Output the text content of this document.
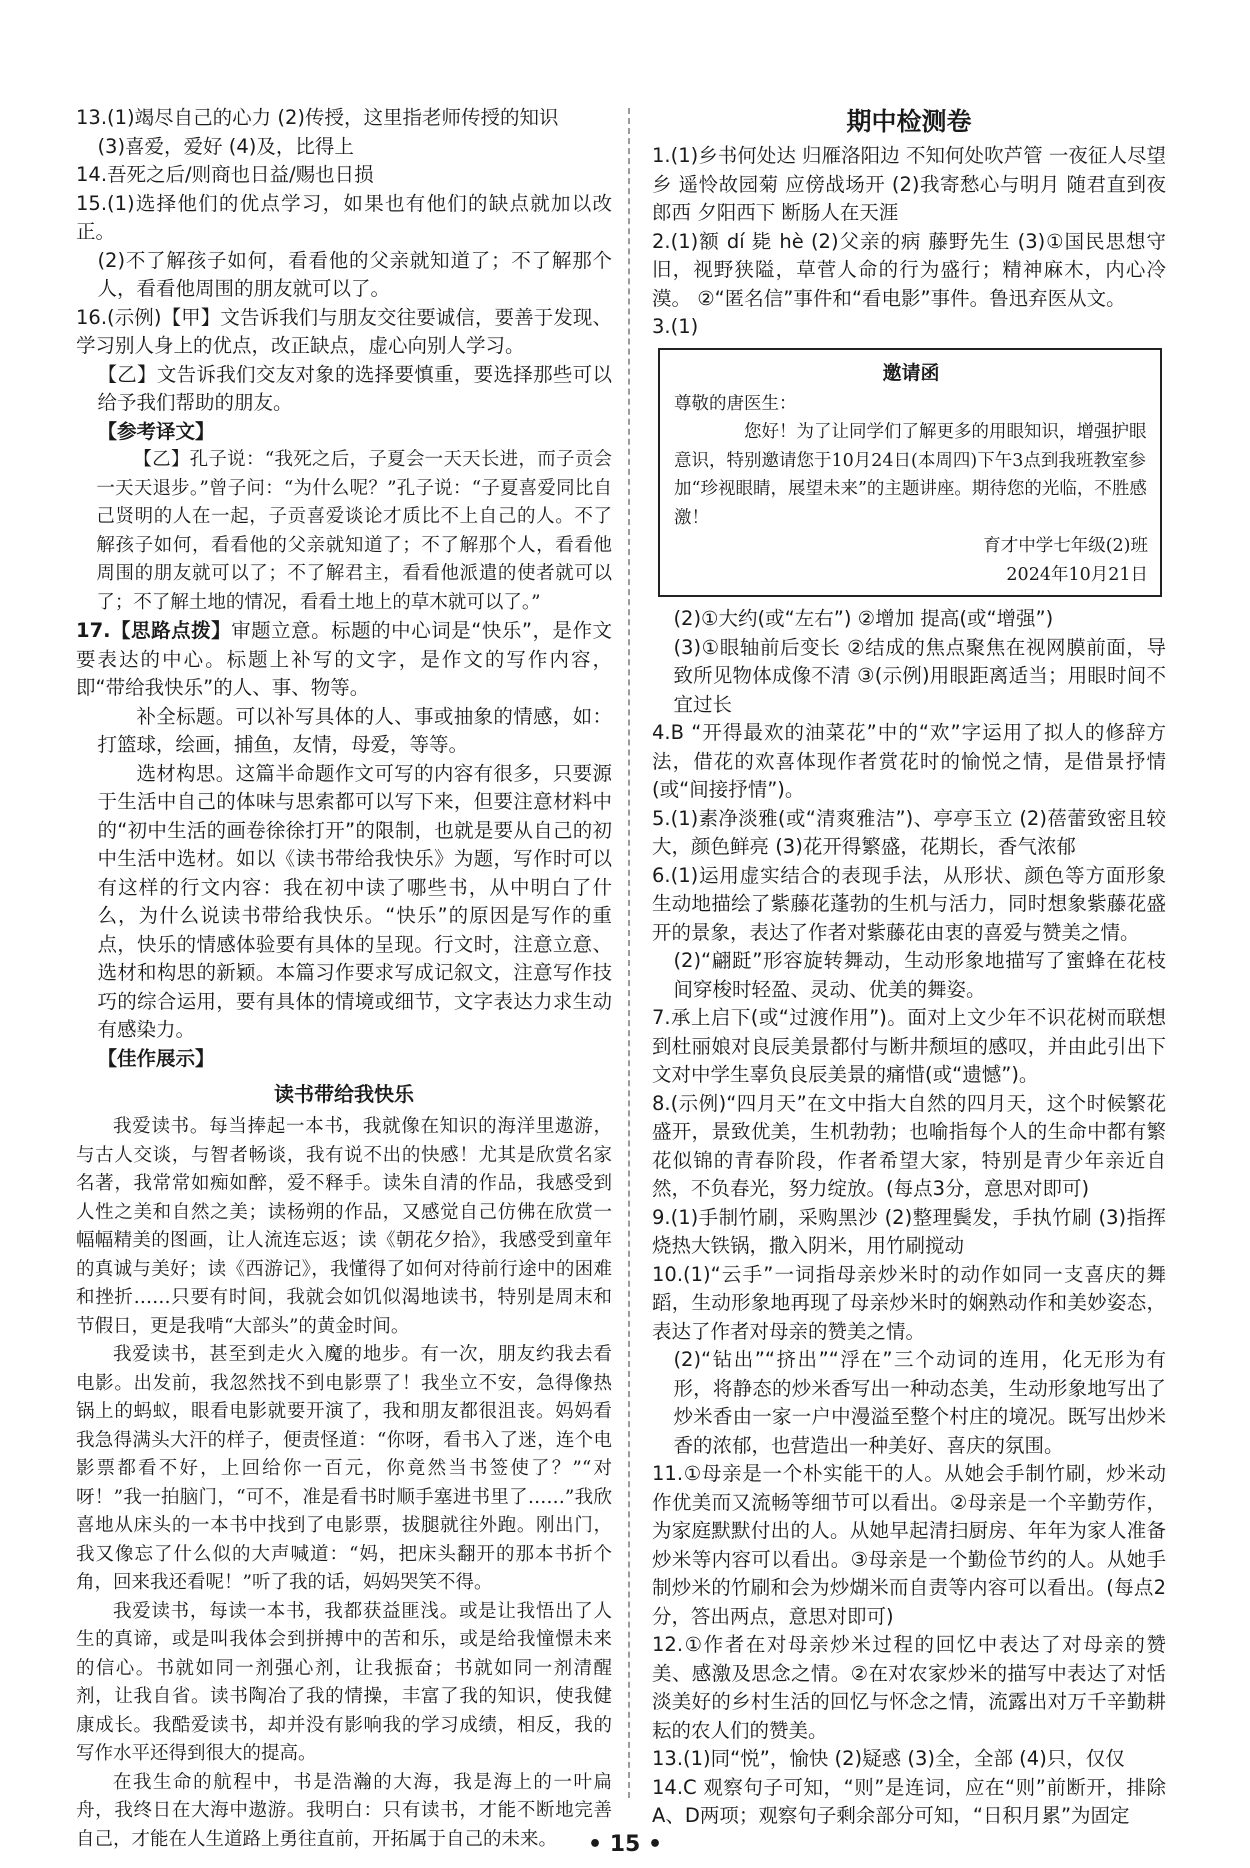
13.(1)竭尽自己的心力 (2)传授，这里指老师传授的知识

(3)喜爱，爱好 (4)及，比得上

14.吾死之后/则商也日益/赐也日损

15.(1)选择他们的优点学习，如果也有他们的缺点就加以改正。

(2)不了解孩子如何，看看他的父亲就知道了；不了解那个人，看看他周围的朋友就可以了。

16.(示例)【甲】文告诉我们与朋友交往要诚信，要善于发现、学习别人身上的优点，改正缺点，虚心向别人学习。

【乙】文告诉我们交友对象的选择要慎重，要选择那些可以给予我们帮助的朋友。

【参考译文】

【乙】孔子说：“我死之后，子夏会一天天长进，而子贡会一天天退步。”曾子问：“为什么呢？”孔子说：“子夏喜爱同比自己贤明的人在一起，子贡喜爱谈论才质比不上自己的人。不了解孩子如何，看看他的父亲就知道了；不了解那个人，看看他周围的朋友就可以了；不了解君主，看看他派遣的使者就可以了；不了解土地的情况，看看土地上的草木就可以了。”

17.【思路点拨】审题立意。标题的中心词是“快乐”，是作文要表达的中心。标题上补写的文字，是作文的写作内容，即“带给我快乐”的人、事、物等。

补全标题。可以补写具体的人、事或抽象的情感，如：打篮球，绘画，捕鱼，友情，母爱，等等。

选材构思。这篇半命题作文可写的内容有很多，只要源于生活中自己的体味与思索都可以写下来，但要注意材料中的“初中生活的画卷徐徐打开”的限制，也就是要从自己的初中生活中选材。如以《读书带给我快乐》为题，写作时可以有这样的行文内容：我在初中读了哪些书，从中明白了什么，为什么说读书带给我快乐。“快乐”的原因是写作的重点，快乐的情感体验要有具体的呈现。行文时，注意立意、选材和构思的新颖。本篇习作要求写成记叙文，注意写作技巧的综合运用，要有具体的情境或细节，文字表达力求生动有感染力。

【佳作展示】

读书带给我快乐

我爱读书。每当捧起一本书，我就像在知识的海洋里遨游，与古人交谈，与智者畅谈，我有说不出的快感！尤其是欣赏名家名著，我常常如痴如醉，爱不释手。读朱自清的作品，我感受到人性之美和自然之美；读杨朔的作品，又感觉自己仿佛在欣赏一幅幅精美的图画，让人流连忘返；读《朝花夕拾》，我感受到童年的真诚与美好；读《西游记》，我懂得了如何对待前行途中的困难和挫折……只要有时间，我就会如饥似渴地读书，特别是周末和节假日，更是我啃“大部头”的黄金时间。

我爱读书，甚至到走火入魔的地步。有一次，朋友约我去看电影。出发前，我忽然找不到电影票了！我坐立不安，急得像热锅上的蚂蚁，眼看电影就要开演了，我和朋友都很沮丧。妈妈看我急得满头大汗的样子，便责怪道：“你呀，看书入了迷，连个电影票都看不好，上回给你一百元，你竟然当书签使了？”“对呀！”我一拍脑门，“可不，准是看书时顺手塞进书里了……”我欣喜地从床头的一本书中找到了电影票，拔腿就往外跑。刚出门，我又像忘了什么似的大声喊道：“妈，把床头翻开的那本书折个角，回来我还看呢！”听了我的话，妈妈哭笑不得。

我爱读书，每读一本书，我都获益匪浅。或是让我悟出了人生的真谛，或是叫我体会到拼搏中的苦和乐，或是给我憧憬未来的信心。书就如同一剂强心剂，让我振奋；书就如同一剂清醒剂，让我自省。读书陶冶了我的情操，丰富了我的知识，使我健康成长。我酷爱读书，却并没有影响我的学习成绩，相反，我的写作水平还得到很大的提高。

在我生命的航程中，书是浩瀚的大海，我是海上的一叶扁舟，我终日在大海中遨游。我明白：只有读书，才能不断地完善自己，才能在人生道路上勇往直前，开拓属于自己的未来。

期中检测卷

1.(1)乡书何处达 归雁洛阳边 不知何处吹芦管 一夜征人尽望乡 遥怜故园菊 应傍战场开 (2)我寄愁心与明月 随君直到夜郎西 夕阳西下 断肠人在天涯

2.(1)额 dí 毙 hè (2)父亲的病 藤野先生 (3)①国民思想守旧，视野狭隘，草菅人命的行为盛行；精神麻木，内心冷漠。 ②“匿名信”事件和“看电影”事件。鲁迅弃医从文。

3.(1)

邀请函

尊敬的唐医生：

您好！为了让同学们了解更多的用眼知识，增强护眼意识，特别邀请您于10月24日(本周四)下午3点到我班教室参加“珍视眼睛，展望未来”的主题讲座。期待您的光临，不胜感激！

育才中学七年级(2)班

2024年10月21日

(2)①大约(或“左右”) ②增加 提高(或“增强”)

(3)①眼轴前后变长 ②结成的焦点聚焦在视网膜前面，导致所见物体成像不清 ③(示例)用眼距离适当；用眼时间不宜过长

4.B “开得最欢的油菜花”中的“欢”字运用了拟人的修辞方法，借花的欢喜体现作者赏花时的愉悦之情，是借景抒情(或“间接抒情”)。

5.(1)素净淡雅(或“清爽雅洁”)、亭亭玉立 (2)蓓蕾致密且较大，颜色鲜亮 (3)花开得繁盛，花期长，香气浓郁

6.(1)运用虚实结合的表现手法，从形状、颜色等方面形象生动地描绘了紫藤花蓬勃的生机与活力，同时想象紫藤花盛开的景象，表达了作者对紫藤花由衷的喜爱与赞美之情。

(2)“翩跹”形容旋转舞动，生动形象地描写了蜜蜂在花枝间穿梭时轻盈、灵动、优美的舞姿。

7.承上启下(或“过渡作用”)。面对上文少年不识花树而联想到杜丽娘对良辰美景都付与断井颓垣的感叹，并由此引出下文对中学生辜负良辰美景的痛惜(或“遗憾”)。

8.(示例)“四月天”在文中指大自然的四月天，这个时候繁花盛开，景致优美，生机勃勃；也喻指每个人的生命中都有繁花似锦的青春阶段，作者希望大家，特别是青少年亲近自然，不负春光，努力绽放。(每点3分，意思对即可)

9.(1)手制竹刷，采购黑沙 (2)整理鬓发，手执竹刷 (3)指挥烧热大铁锅，撒入阴米，用竹刷搅动

10.(1)“云手”一词指母亲炒米时的动作如同一支喜庆的舞蹈，生动形象地再现了母亲炒米时的娴熟动作和美妙姿态，表达了作者对母亲的赞美之情。

(2)“钻出”“挤出”“浮在”三个动词的连用，化无形为有形，将静态的炒米香写出一种动态美，生动形象地写出了炒米香由一家一户中漫溢至整个村庄的境况。既写出炒米香的浓郁，也营造出一种美好、喜庆的氛围。

11.①母亲是一个朴实能干的人。从她会手制竹刷，炒米动作优美而又流畅等细节可以看出。②母亲是一个辛勤劳作，为家庭默默付出的人。从她早起清扫厨房、年年为家人准备炒米等内容可以看出。③母亲是一个勤俭节约的人。从她手制炒米的竹刷和会为炒煳米而自责等内容可以看出。(每点2分，答出两点，意思对即可)

12.①作者在对母亲炒米过程的回忆中表达了对母亲的赞美、感激及思念之情。②在对农家炒米的描写中表达了对恬淡美好的乡村生活的回忆与怀念之情，流露出对万千辛勤耕耘的农人们的赞美。

13.(1)同“悦”，愉快 (2)疑惑 (3)全，全部 (4)只，仅仅

14.C 观察句子可知，“则”是连词，应在“则”前断开，排除A、D两项；观察句子剩余部分可知，“日积月累”为固定

• 15 •
